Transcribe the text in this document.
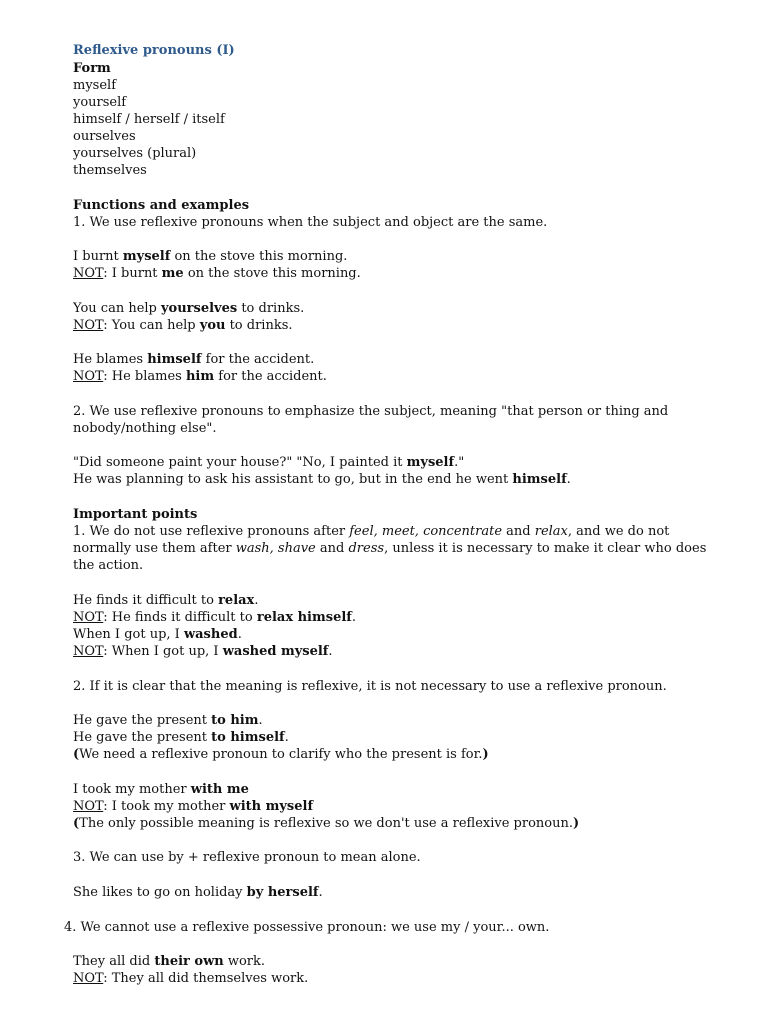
Reflexive pronouns (I)
Form
myself
yourself
himself / herself / itself
ourselves
yourselves (plural)
themselves
Functions and examples
1. We use reflexive pronouns when the subject and object are the same.
I burnt myself on the stove this morning.
NOT: I burnt me on the stove this morning.
You can help yourselves to drinks.
NOT: You can help you to drinks.
He blames himself for the accident.
NOT: He blames him for the accident.
2. We use reflexive pronouns to emphasize the subject, meaning "that person or thing and
nobody/nothing else".
"Did someone paint your house?" "No, I painted it myself."
He was planning to ask his assistant to go, but in the end he went himself.
Important points
1. We do not use reflexive pronouns after feel, meet, concentrate and relax, and we do not
normally use them after wash, shave and dress, unless it is necessary to make it clear who does
the action.
He finds it difficult to relax.
NOT: He finds it difficult to relax himself.
When I got up, I washed.
NOT: When I got up, I washed myself.
2. If it is clear that the meaning is reflexive, it is not necessary to use a reflexive pronoun.
He gave the present to him.
He gave the present to himself.
(We need a reflexive pronoun to clarify who the present is for.)
I took my mother with me
NOT: I took my mother with myself
(The only possible meaning is reflexive so we don't use a reflexive pronoun.)
3. We can use by + reflexive pronoun to mean alone.
She likes to go on holiday by herself.
4. We cannot use a reflexive possessive pronoun: we use my / your... own.
They all did their own work.
NOT: They all did themselves work.
